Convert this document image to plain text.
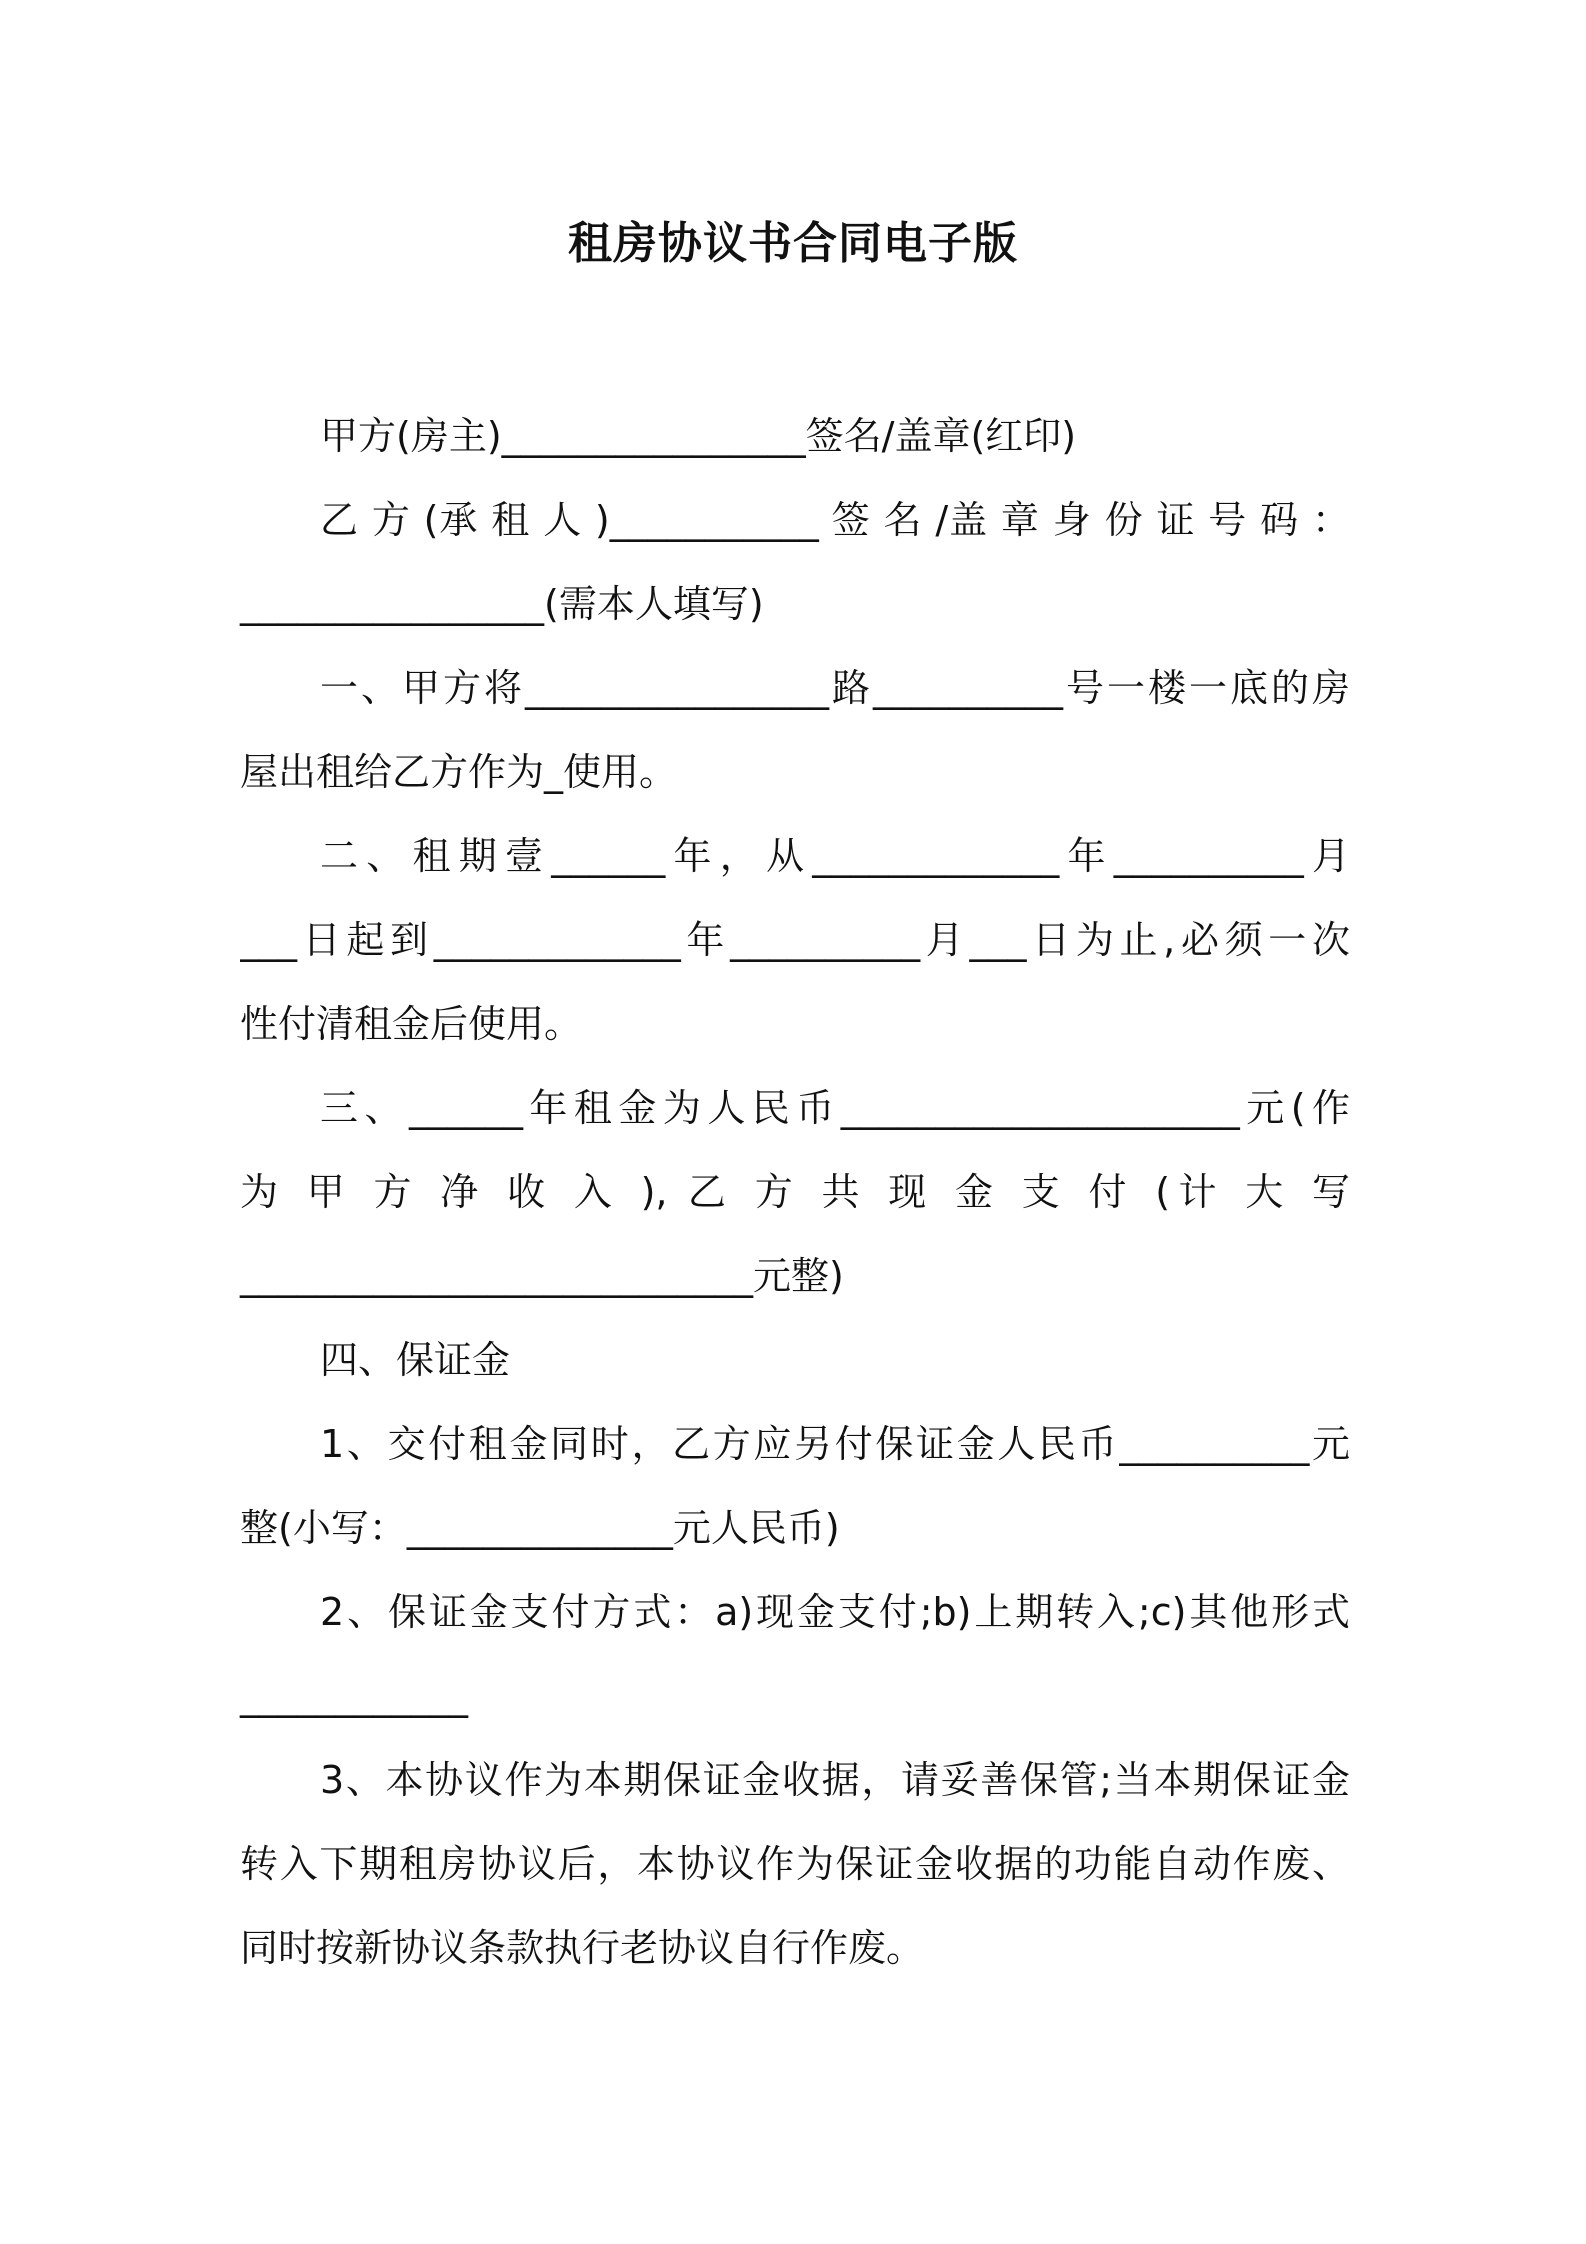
租房协议书合同电子版
甲方(房主)________________签名/盖章(红印)
乙 方 (承 租 人 )___________ 签 名 /盖 章 身 份 证 号 码 ：
________________(需本人填写)
一、甲方将________________路__________号一楼一底的房
屋出租给乙方作为_使用。
二、租期壹______年，从_____________年__________月
___日起到_____________年__________月___日为止,必须一次
性付清租金后使用。
三、______年租金为人民币_____________________元(作
为 甲 方 净 收 入 ), 乙 方 共 现 金 支 付 (计 大 写
___________________________元整)
四、保证金
1、交付租金同时，乙方应另付保证金人民币__________元
整(小写：______________元人民币)
2、保证金支付方式：a)现金支付;b)上期转入;c)其他形式
____________
3、本协议作为本期保证金收据，请妥善保管;当本期保证金
转入下期租房协议后，本协议作为保证金收据的功能自动作废、
同时按新协议条款执行老协议自行作废。
